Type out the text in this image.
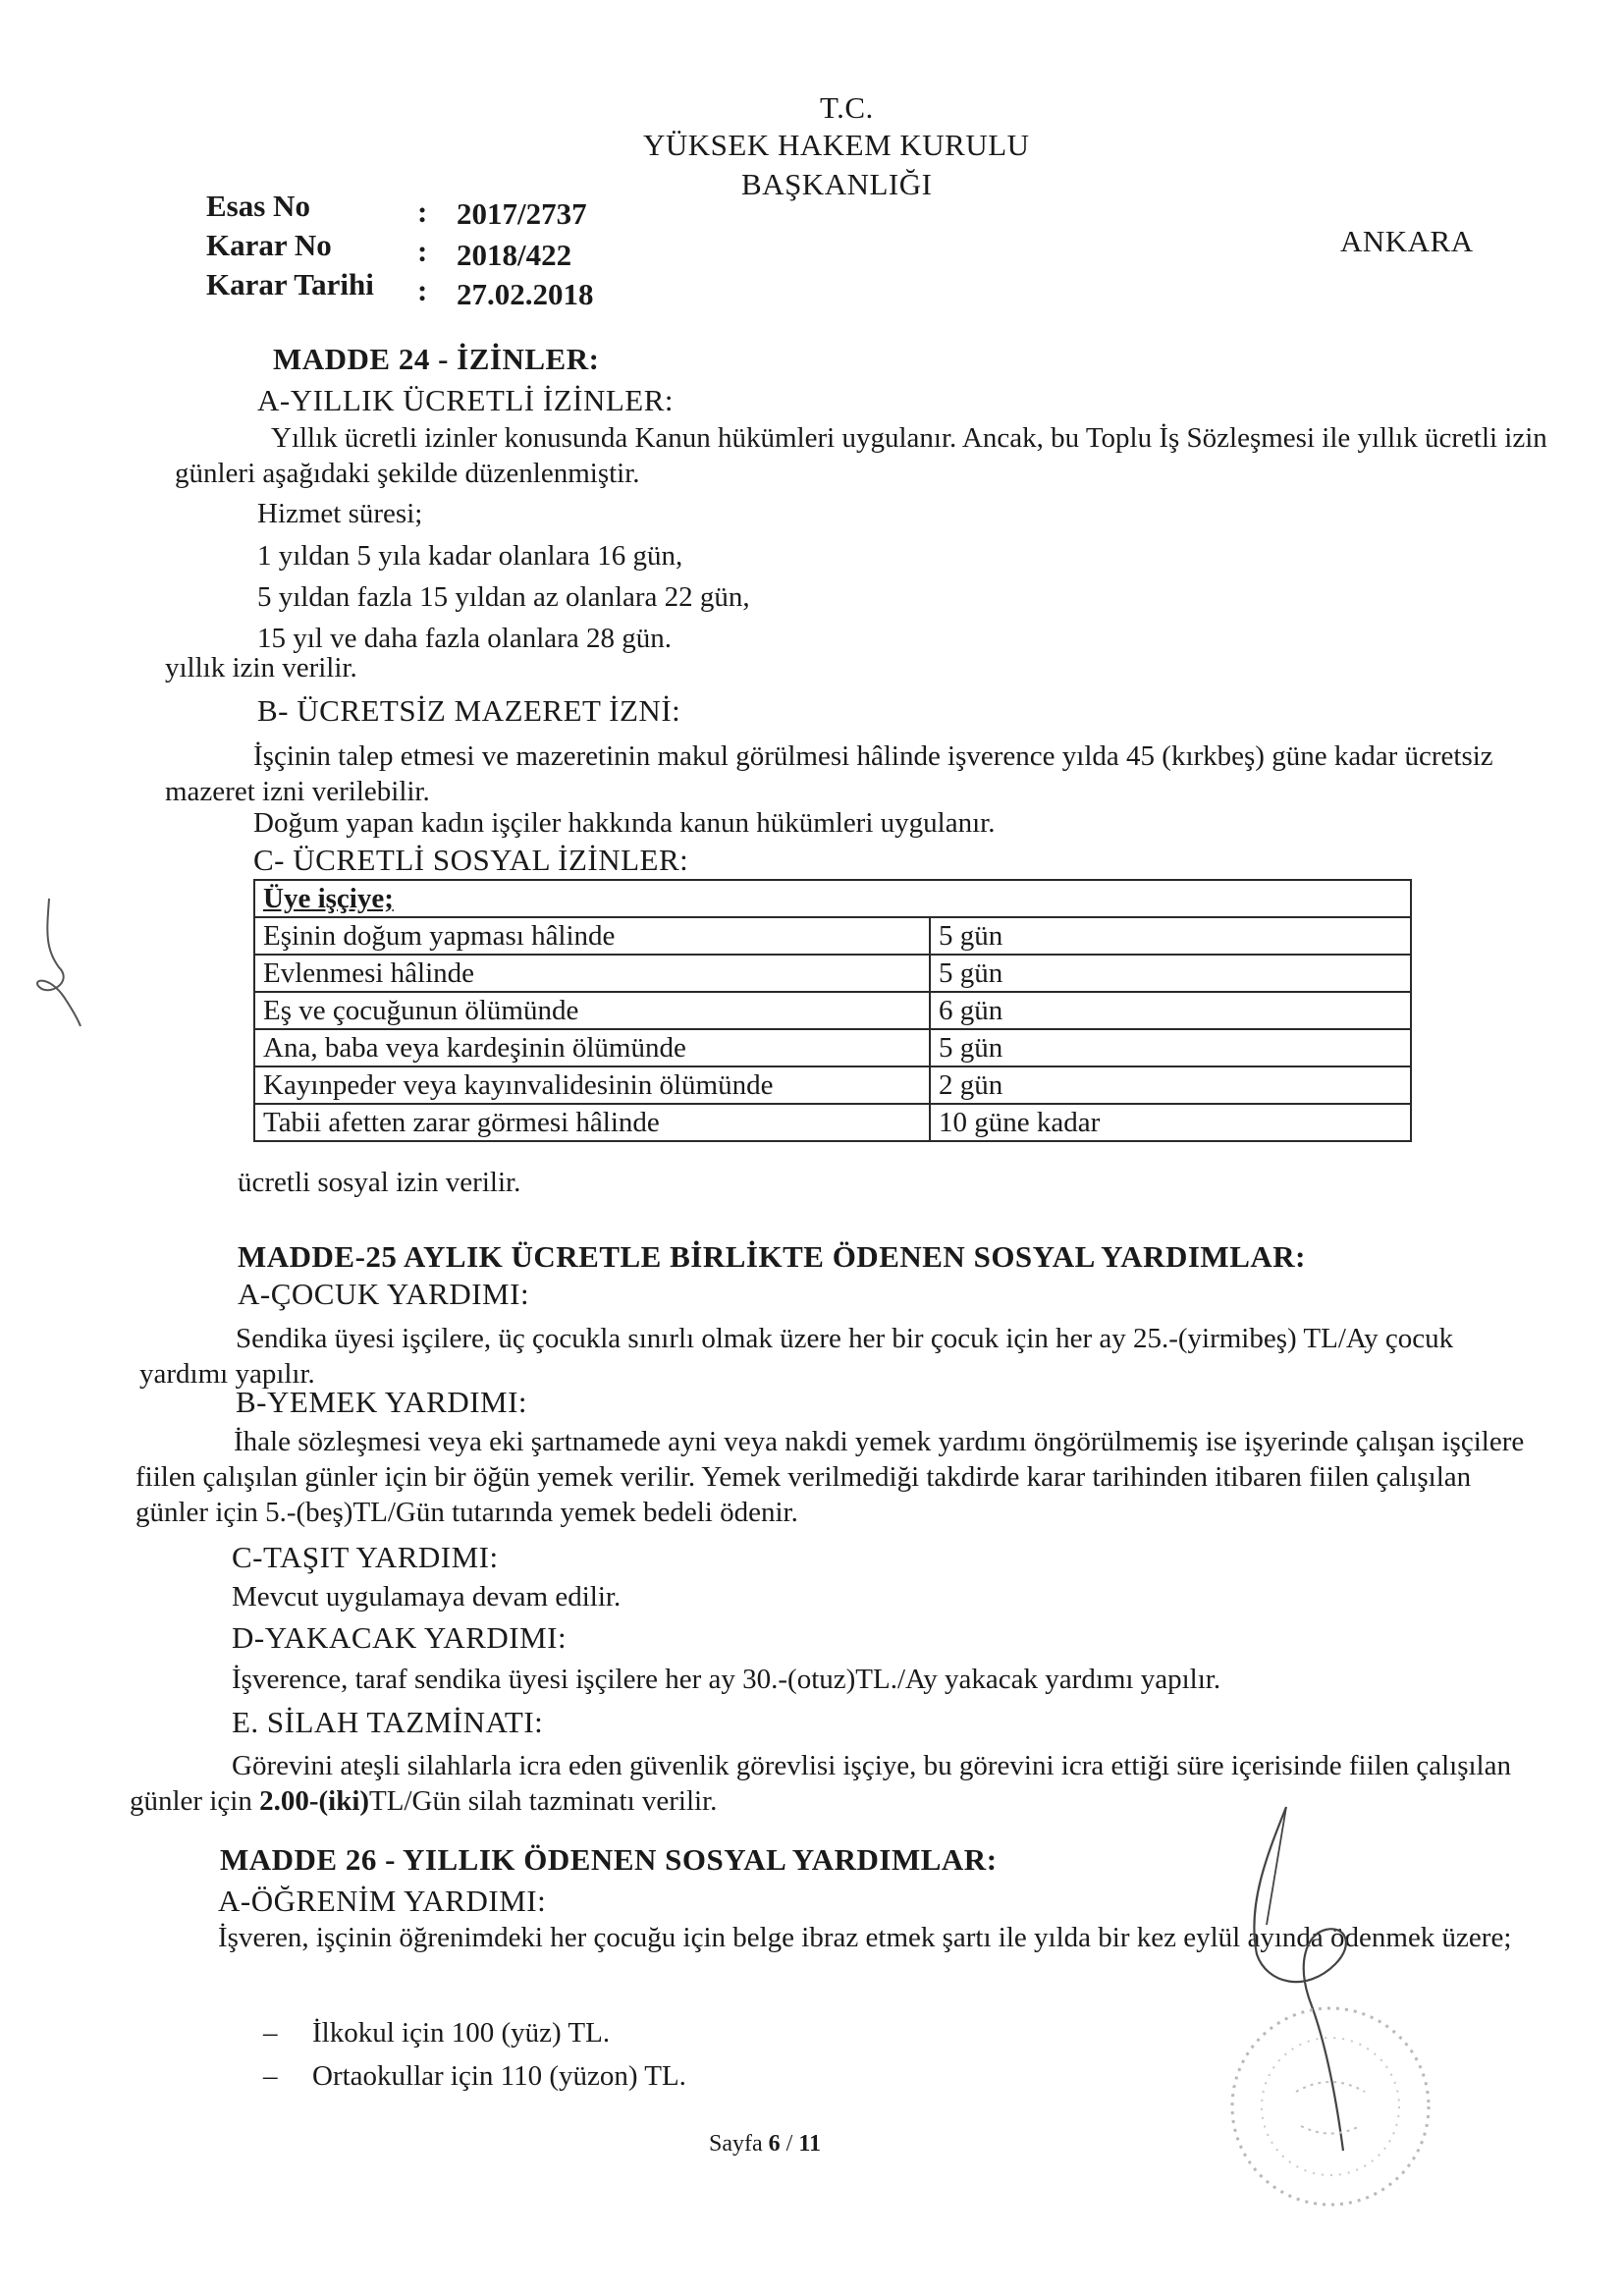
T.C.
YÜKSEK HAKEM KURULU
BAŞKANLIĞI
ANKARA
Esas No	: 2017/2737
Karar No	: 2018/422
Karar Tarihi : 27.02.2018
MADDE 24 - İZİNLER:
A-YILLIK ÜCRETLİ İZİNLER:
Yıllık ücretli izinler konusunda Kanun hükümleri uygulanır. Ancak, bu Toplu İş Sözleşmesi ile yıllık ücretli izin günleri aşağıdaki şekilde düzenlenmiştir.
Hizmet süresi;
1 yıldan 5 yıla kadar olanlara 16 gün,
5 yıldan fazla 15 yıldan az olanlara 22 gün,
15 yıl ve daha fazla olanlara 28 gün.
yıllık izin verilir.
B- ÜCRETSİZ MAZERET İZNİ:
İşçinin talep etmesi ve mazeretinin makul görülmesi hâlinde işverence yılda 45 (kırkbeş) güne kadar ücretsiz mazeret izni verilebilir.
Doğum yapan kadın işçiler hakkında kanun hükümleri uygulanır.
C- ÜCRETLİ SOSYAL İZİNLER:
Üye işçiye;	
Eşinin doğum yapması hâlinde	5 gün
Evlenmesi hâlinde	5 gün
Eş ve çocuğunun ölümünde	6 gün
Ana, baba veya kardeşinin ölümünde	5 gün
Kayınpeder veya kayınvalidesinin ölümünde	2 gün
Tabii afetten zarar görmesi hâlinde	10 güne kadar
ücretli sosyal izin verilir.
MADDE-25 AYLIK ÜCRETLE BİRLİKTE ÖDENEN SOSYAL YARDIMLAR:
A-ÇOCUK YARDIMI:
Sendika üyesi işçilere, üç çocukla sınırlı olmak üzere her bir çocuk için her ay 25.-(yirmibeş) TL/Ay çocuk yardımı yapılır.
B-YEMEK YARDIMI:
İhale sözleşmesi veya eki şartnamede ayni veya nakdi yemek yardımı öngörülmemiş ise işyerinde çalışan işçilere fiilen çalışılan günler için bir öğün yemek verilir. Yemek verilmediği takdirde karar tarihinden itibaren fiilen çalışılan günler için 5.-(beş)TL/Gün tutarında yemek bedeli ödenir.
C-TAŞIT YARDIMI:
Mevcut uygulamaya devam edilir.
D-YAKACAK YARDIMI:
İşverence, taraf sendika üyesi işçilere her ay 30.-(otuz)TL./Ay yakacak yardımı yapılır.
E. SİLAH TAZMİNATI:
Görevini ateşli silahlarla icra eden güvenlik görevlisi işçiye, bu görevini icra ettiği süre içerisinde fiilen çalışılan günler için 2.00-(iki)TL/Gün silah tazminatı verilir.
MADDE 26 - YILLIK ÖDENEN SOSYAL YARDIMLAR:
A-ÖĞRENİM YARDIMI:
İşveren, işçinin öğrenimdeki her çocuğu için belge ibraz etmek şartı ile yılda bir kez eylül ayında ödenmek üzere;
– İlkokul için 100 (yüz) TL.
– Ortaokullar için 110 (yüzon) TL.
Sayfa 6 / 11
